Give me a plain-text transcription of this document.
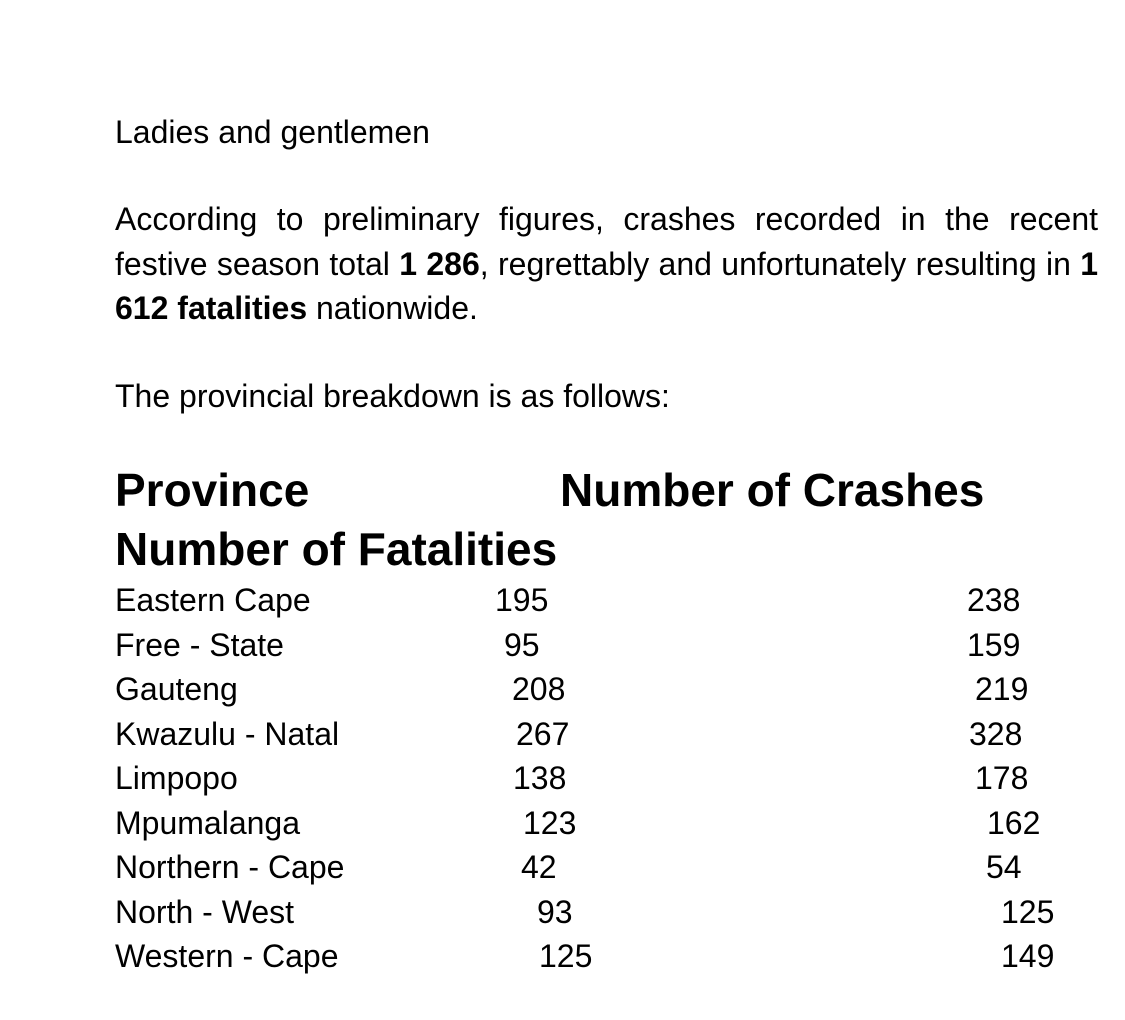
Ladies and gentlemen

According to preliminary figures, crashes recorded in the recent festive season total 1 286, regrettably and unfortunately resulting in 1 612 fatalities nationwide.

The provincial breakdown is as follows:

Province	Number of Crashes
Number of Fatalities
Eastern Cape	195	238
Free - State	95	159
Gauteng	208	219
Kwazulu - Natal	267	328
Limpopo	138	178
Mpumalanga	123	162
Northern - Cape	42	54
North - West	93	125
Western - Cape	125	149
